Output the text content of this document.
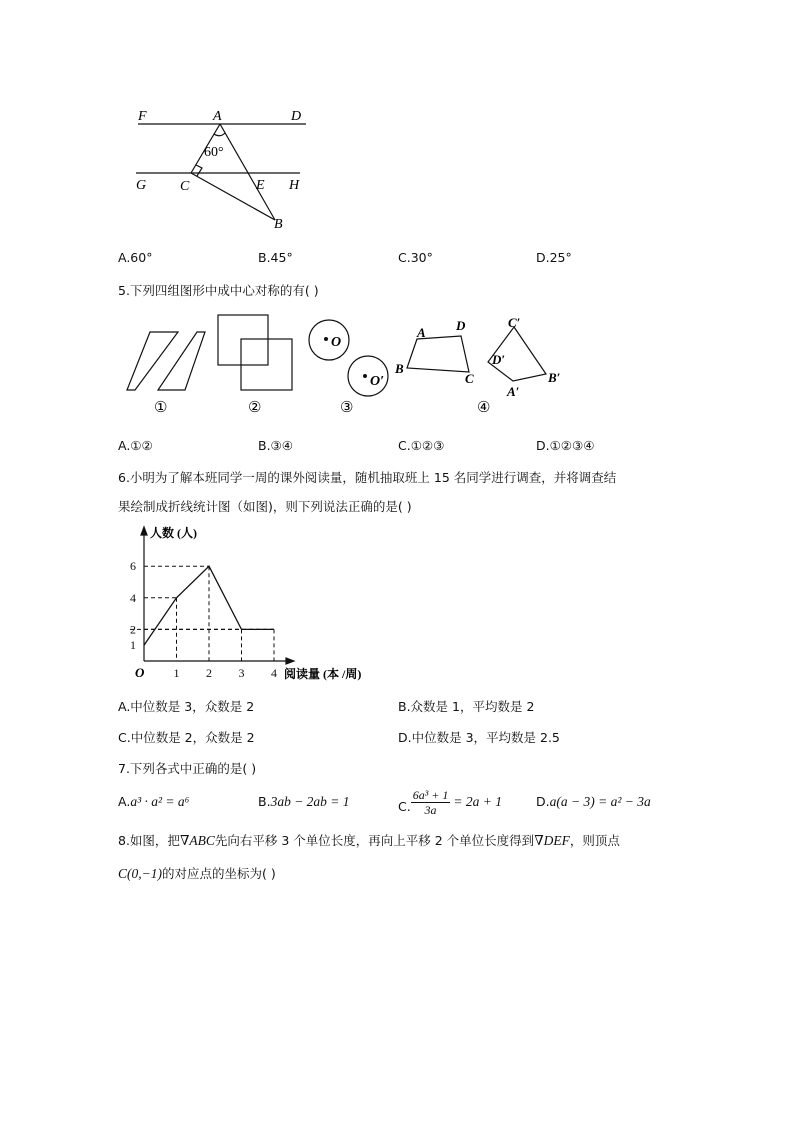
F	A	D
60°
G C	E H
B
A.60°	B.45°	C.30°	D.25°
5.下列四组图形中成中心对称的有( )
O
O′
A D
B
C
C′
D′
B′
A′
①	②	③	④
A.①②	B.③④	C.①②③	D.①②③④
6.小明为了解本班同学一周的课外阅读量，随机抽取班上 15 名同学进行调查，并将调查结
果绘制成折线统计图（如图)，则下列说法正确的是( )
1 2 3 4
1
2
4
6
O
人数 (人)
阅读量 (本 /周)
A.中位数是 3，众数是 2	B.众数是 1，平均数是 2
C.中位数是 2，众数是 2	D.中位数是 3，平均数是 2.5
7.下列各式中正确的是( )
A.a³ · a² = a⁶	B.3ab − 2ab = 1	C. $\frac{\text{6a³ + 1}}{3a} = 2a + 1$	D.a(a − 3) = a² − 3a
8.如图，把∇ABC先向右平移 3 个单位长度，再向上平移 2 个单位长度得到∇DEF，则顶点
C(0,−1)的对应点的坐标为( )
